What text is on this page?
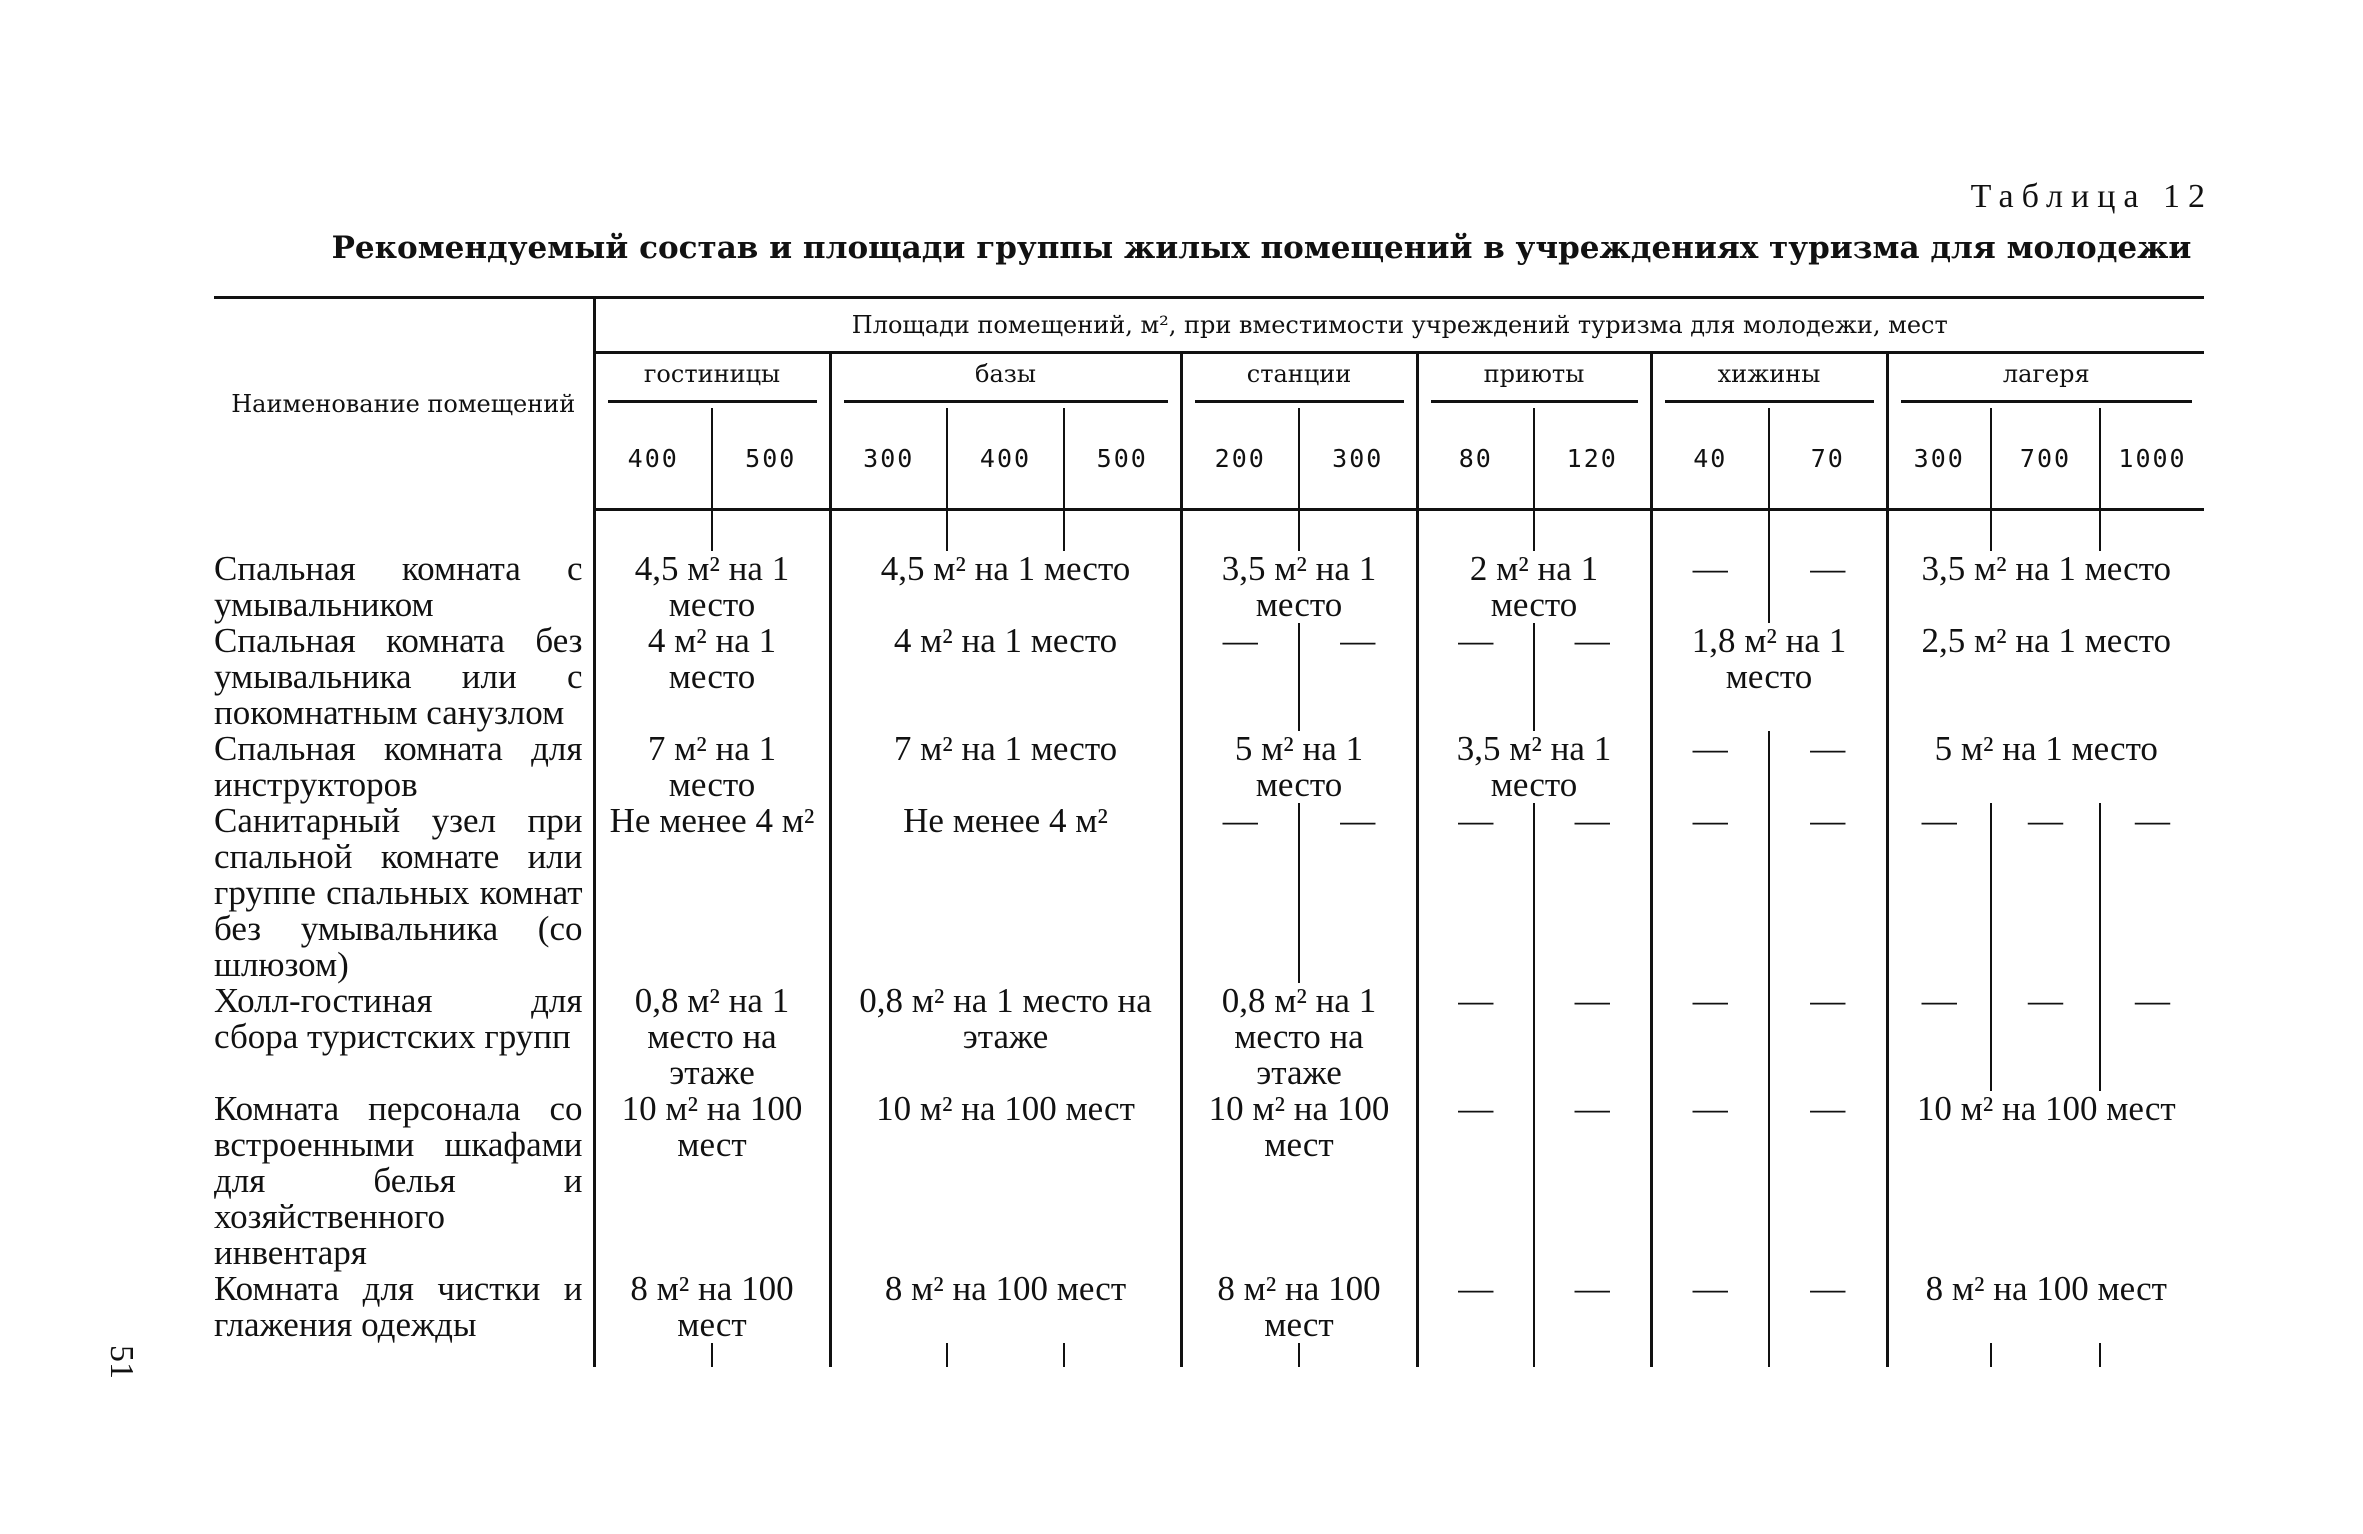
Таблица 12
Рекомендуемый состав и площади группы жилых помещений в учреждениях туризма для молодежи
Наименование помещений	Площади помещений, м², при вместимости учреждений туризма для молодежи, мест													

	гостиницы		базы			станции		приюты		хижины		лагеря		

	400	500	300	400	500	200	300	80	120	40	70	300	700	1000

Спальная комната с умывальником	4,5 м² на 1 место		4,5 м² на 1 место			3,5 м² на 1 место		2 м² на 1 место		—	—	3,5 м² на 1 место		

Спальная комната без умывальника или с покомнатным санузлом	4 м² на 1 место		4 м² на 1 место			—	—	—	—	1,8 м² на 1 место		2,5 м² на 1 место		

Спальная комната для инструкторов	7 м² на 1 место		7 м² на 1 место			5 м² на 1 место		3,5 м² на 1 место		—	—	5 м² на 1 место		

Санитарный узел при спальной комнате или группе спальных комнат без умывальника (со шлюзом)	Не менее 4 м²		Не менее 4 м²			—	—	—	—	—	—	—	—	—
Холл-гостиная для сбора туристских групп	0,8 м² на 1 место на этаже		0,8 м² на 1 место на этаже			0,8 м² на 1 место на этаже		—	—	—	—	—	—	—
Комната персонала со встроенными шкафами для белья и хозяйственного инвентаря	10 м² на 100 мест		10 м² на 100 мест			10 м² на 100 мест		—	—	—	—	10 м² на 100 мест		

Комната для чистки и глажения одежды	8 м² на 100 мест		8 м² на 100 мест			8 м² на 100 мест		—	—	—	—	8 м² на 100 мест		

51
